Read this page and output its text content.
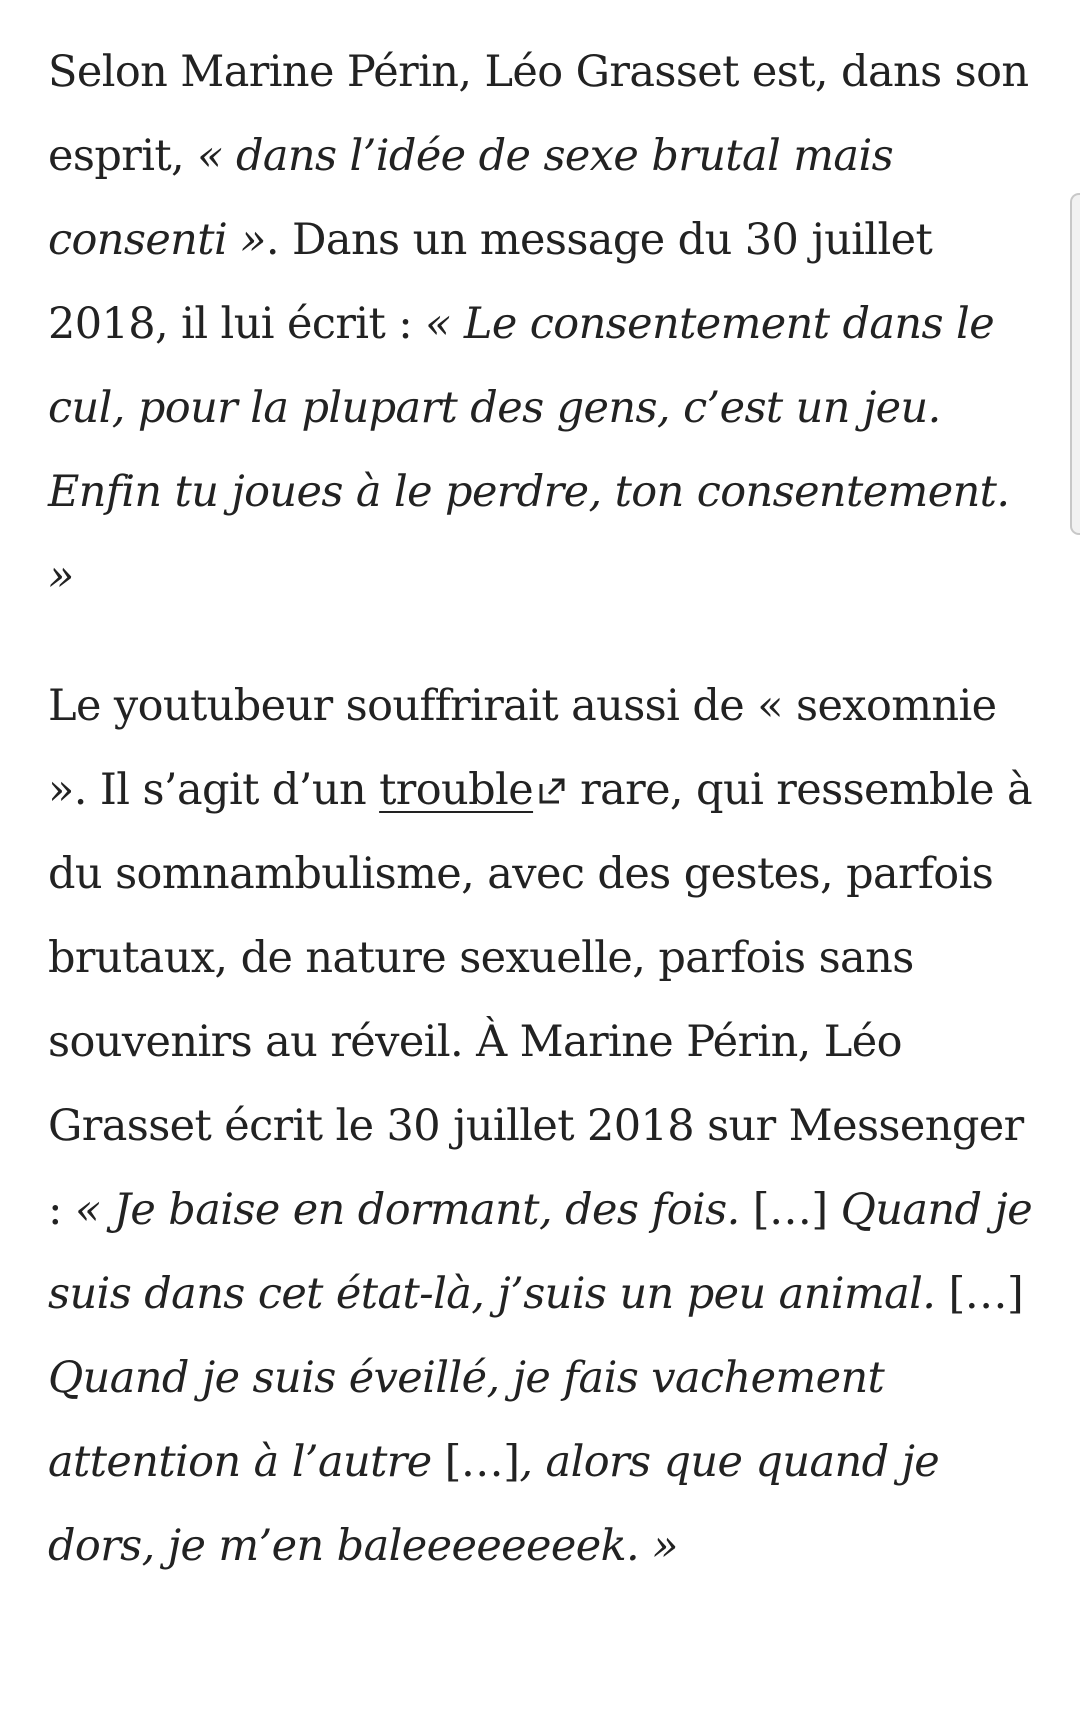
Selon Marine Périn, Léo Grasset est, dans son esprit, « dans l’idée de sexe brutal mais consenti ». Dans un message du 30 juillet 2018, il lui écrit : « Le consentement dans le cul, pour la plupart des gens, c’est un jeu. Enfin tu joues à le perdre, ton consentement. »

Le youtubeur souffrirait aussi de « sexomnie ». Il s’agit d’un trouble rare, qui ressemble à du somnambulisme, avec des gestes, parfois brutaux, de nature sexuelle, parfois sans souvenirs au réveil. À Marine Périn, Léo Grasset écrit le 30 juillet 2018 sur Messenger : « Je baise en dormant, des fois. […] Quand je suis dans cet état-là, j’suis un peu animal. […] Quand je suis éveillé, je fais vachement attention à l’autre […], alors que quand je dors, je m’en baleeeeeeeek. »
